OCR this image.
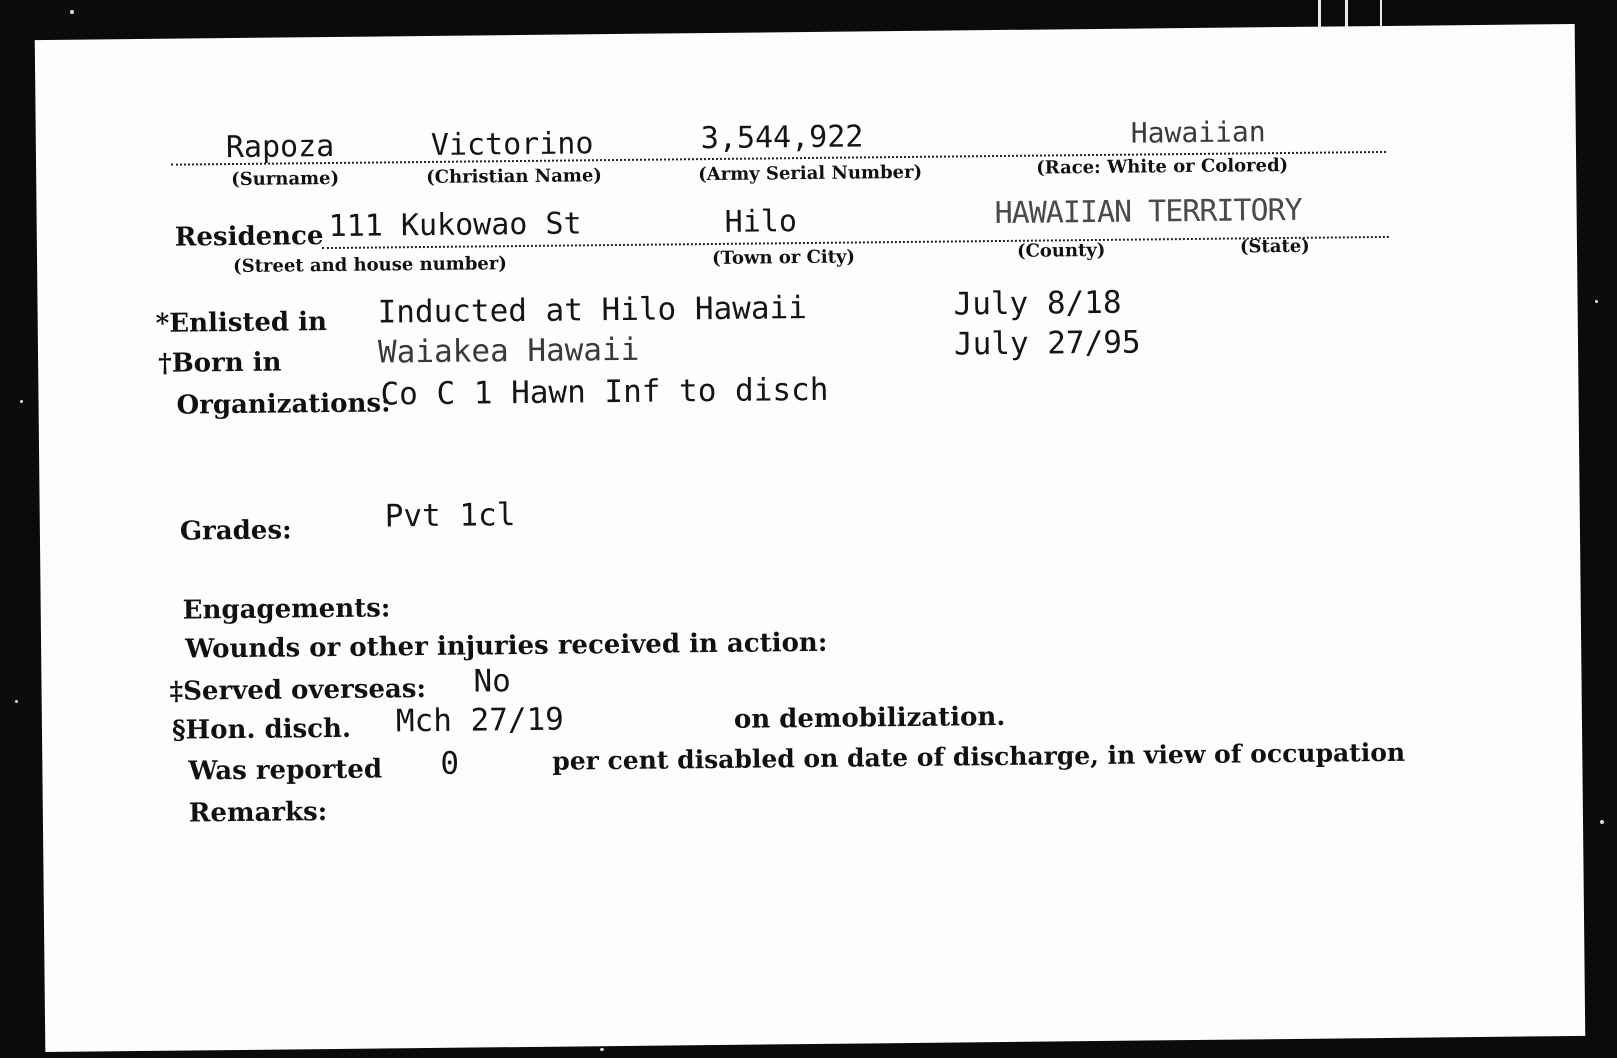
Rapoza
(Surname)
Victorino
(Christian Name)
3,544,922
(Army Serial Number)
Hawaiian
(Race: White or Colored)
Residence 111 Kukowao St
(Street and house number)
Hilo
(Town or City)
HAWAIIAN TERRITORY
(County)	(State)
*Enlisted in Inducted at Hilo Hawaii	July 8/18
†Born in	Waiakea Hawaii	July 27/95
Organizations:
Co C 1 Hawn Inf to disch
Grades:	Pvt 1cl
Engagements:
Wounds or other injuries received in action:
‡Served overseas: No
§Hon. disch. Mch 27/19	on demobilization.
Was reported 0	per cent disabled on date of discharge, in view of occupation
Remarks:
